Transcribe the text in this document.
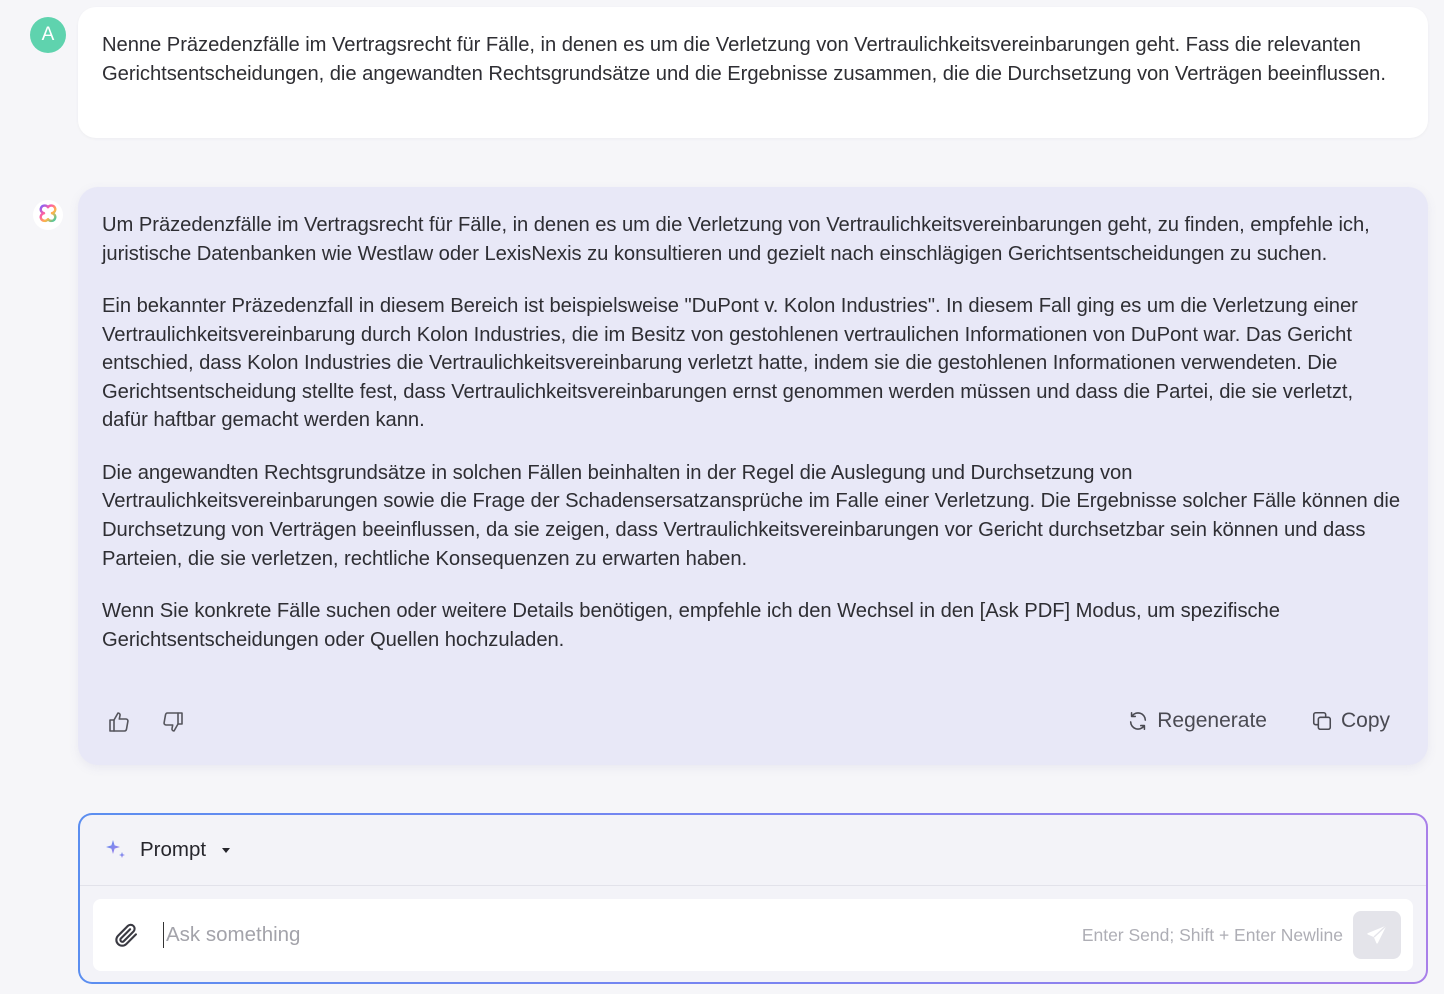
A Nenne Präzedenzfälle im Vertragsrecht für Fälle, in denen es um die Verletzung von Vertraulichkeitsvereinbarungen geht. Fass die relevanten Gerichtsentscheidungen, die angewandten Rechtsgrundsätze und die Ergebnisse zusammen, die die Durchsetzung von Verträgen beeinflussen.

Um Präzedenzfälle im Vertragsrecht für Fälle, in denen es um die Verletzung von Vertraulichkeitsvereinbarungen geht, zu finden, empfehle ich, juristische Datenbanken wie Westlaw oder LexisNexis zu konsultieren und gezielt nach einschlägigen Gerichtsentscheidungen zu suchen.

Ein bekannter Präzedenzfall in diesem Bereich ist beispielsweise "DuPont v. Kolon Industries". In diesem Fall ging es um die Verletzung einer Vertraulichkeitsvereinbarung durch Kolon Industries, die im Besitz von gestohlenen vertraulichen Informationen von DuPont war. Das Gericht entschied, dass Kolon Industries die Vertraulichkeitsvereinbarung verletzt hatte, indem sie die gestohlenen Informationen verwendeten. Die Gerichtsentscheidung stellte fest, dass Vertraulichkeitsvereinbarungen ernst genommen werden müssen und dass die Partei, die sie verletzt, dafür haftbar gemacht werden kann.

Die angewandten Rechtsgrundsätze in solchen Fällen beinhalten in der Regel die Auslegung und Durchsetzung von Vertraulichkeitsvereinbarungen sowie die Frage der Schadensersatzansprüche im Falle einer Verletzung. Die Ergebnisse solcher Fälle können die Durchsetzung von Verträgen beeinflussen, da sie zeigen, dass Vertraulichkeitsvereinbarungen vor Gericht durchsetzbar sein können und dass Parteien, die sie verletzen, rechtliche Konsequenzen zu erwarten haben.

Wenn Sie konkrete Fälle suchen oder weitere Details benötigen, empfehle ich den Wechsel in den [Ask PDF] Modus, um spezifische Gerichtsentscheidungen oder Quellen hochzuladen.

Regenerate	Copy
Prompt
Ask something
Enter Send; Shift + Enter Newline
